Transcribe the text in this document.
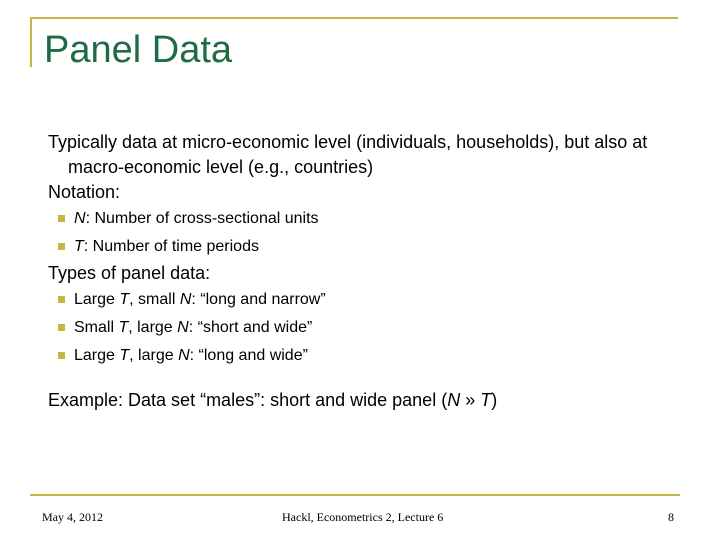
Panel Data

Typically data at micro-economic level (individuals, households), but also at macro-economic level (e.g., countries)

Notation:

N: Number of cross-sectional units
T: Number of time periods

Types of panel data:

Large T, small N: “long and narrow”
Small T, large N: “short and wide”
Large T, large N: “long and wide”

Example: Data set “males”: short and wide panel (N » T)

May 4, 2012	Hackl, Econometrics 2, Lecture 6	8
